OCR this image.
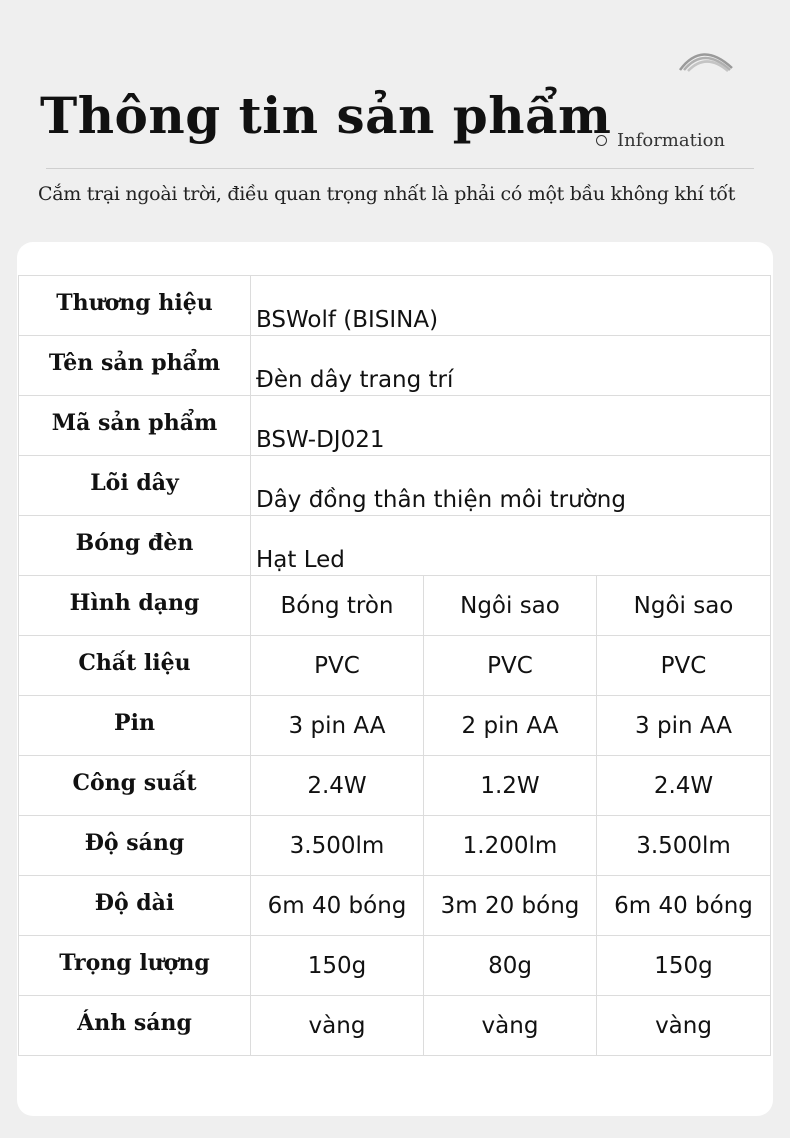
Thông tin sản phẩm Information
Cắm trại ngoài trời, điều quan trọng nhất là phải có một bầu không khí tốt
Thương hiệu	BSWolf (BISINA)		
Tên sản phẩm	Đèn dây trang trí		
Mã sản phẩm	BSW-DJ021		
Lõi dây	Dây đồng thân thiện môi trường		
Bóng đèn	Hạt Led		
Hình dạng	Bóng tròn	Ngôi sao	Ngôi sao
Chất liệu	PVC	PVC	PVC
Pin	3 pin AA	2 pin AA	3 pin AA
Công suất	2.4W	1.2W	2.4W
Độ sáng	3.500lm	1.200lm	3.500lm
Độ dài	6m 40 bóng	3m 20 bóng	6m 40 bóng
Trọng lượng	150g	80g	150g
Ánh sáng	vàng	vàng	vàng
